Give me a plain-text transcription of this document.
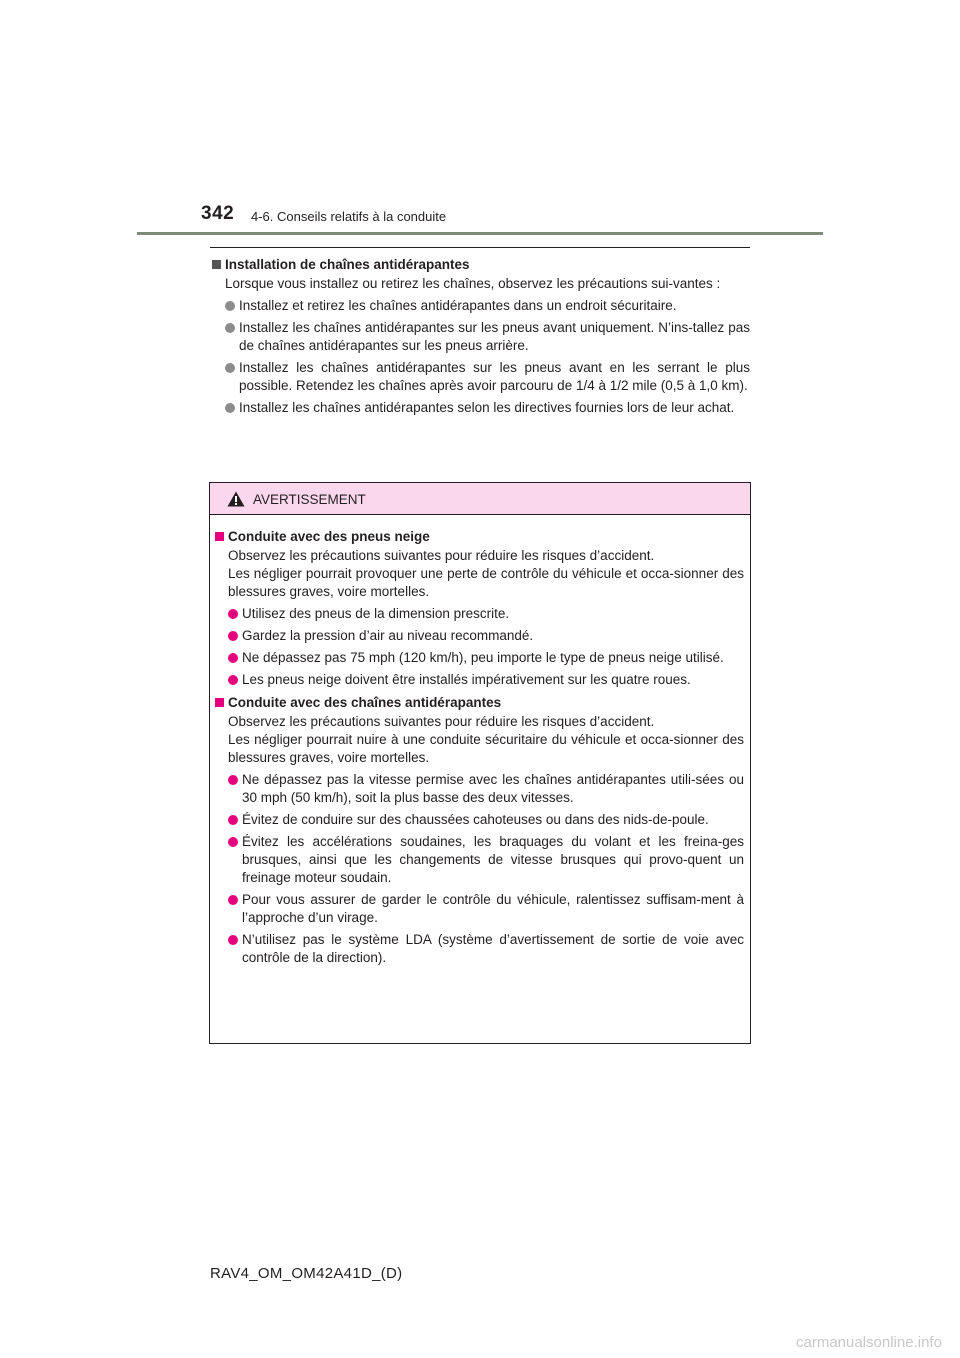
342 4-6. Conseils relatifs à la conduite
Installation de chaînes antidérapantes
Lorsque vous installez ou retirez les chaînes, observez les précautions sui-vantes :
Installez et retirez les chaînes antidérapantes dans un endroit sécuritaire.
Installez les chaînes antidérapantes sur les pneus avant uniquement. N’ins-tallez pas de chaînes antidérapantes sur les pneus arrière.
Installez les chaînes antidérapantes sur les pneus avant en les serrant le plus possible. Retendez les chaînes après avoir parcouru de 1/4 à 1/2 mile (0,5 à 1,0 km).
Installez les chaînes antidérapantes selon les directives fournies lors de leur achat.
AVERTISSEMENT
Conduite avec des pneus neige
Observez les précautions suivantes pour réduire les risques d’accident.
Les négliger pourrait provoquer une perte de contrôle du véhicule et occa-sionner des blessures graves, voire mortelles.
Utilisez des pneus de la dimension prescrite.
Gardez la pression d’air au niveau recommandé.
Ne dépassez pas 75 mph (120 km/h), peu importe le type de pneus neige utilisé.
Les pneus neige doivent être installés impérativement sur les quatre roues.
Conduite avec des chaînes antidérapantes
Observez les précautions suivantes pour réduire les risques d’accident.
Les négliger pourrait nuire à une conduite sécuritaire du véhicule et occa-sionner des blessures graves, voire mortelles.
Ne dépassez pas la vitesse permise avec les chaînes antidérapantes utili-sées ou 30 mph (50 km/h), soit la plus basse des deux vitesses.
Évitez de conduire sur des chaussées cahoteuses ou dans des nids-de-poule.
Évitez les accélérations soudaines, les braquages du volant et les freina-ges brusques, ainsi que les changements de vitesse brusques qui provo-quent un freinage moteur soudain.
Pour vous assurer de garder le contrôle du véhicule, ralentissez suffisam-ment à l’approche d’un virage.
N’utilisez pas le système LDA (système d’avertissement de sortie de voie avec contrôle de la direction).
RAV4_OM_OM42A41D_(D)
carmanualsonline.info
